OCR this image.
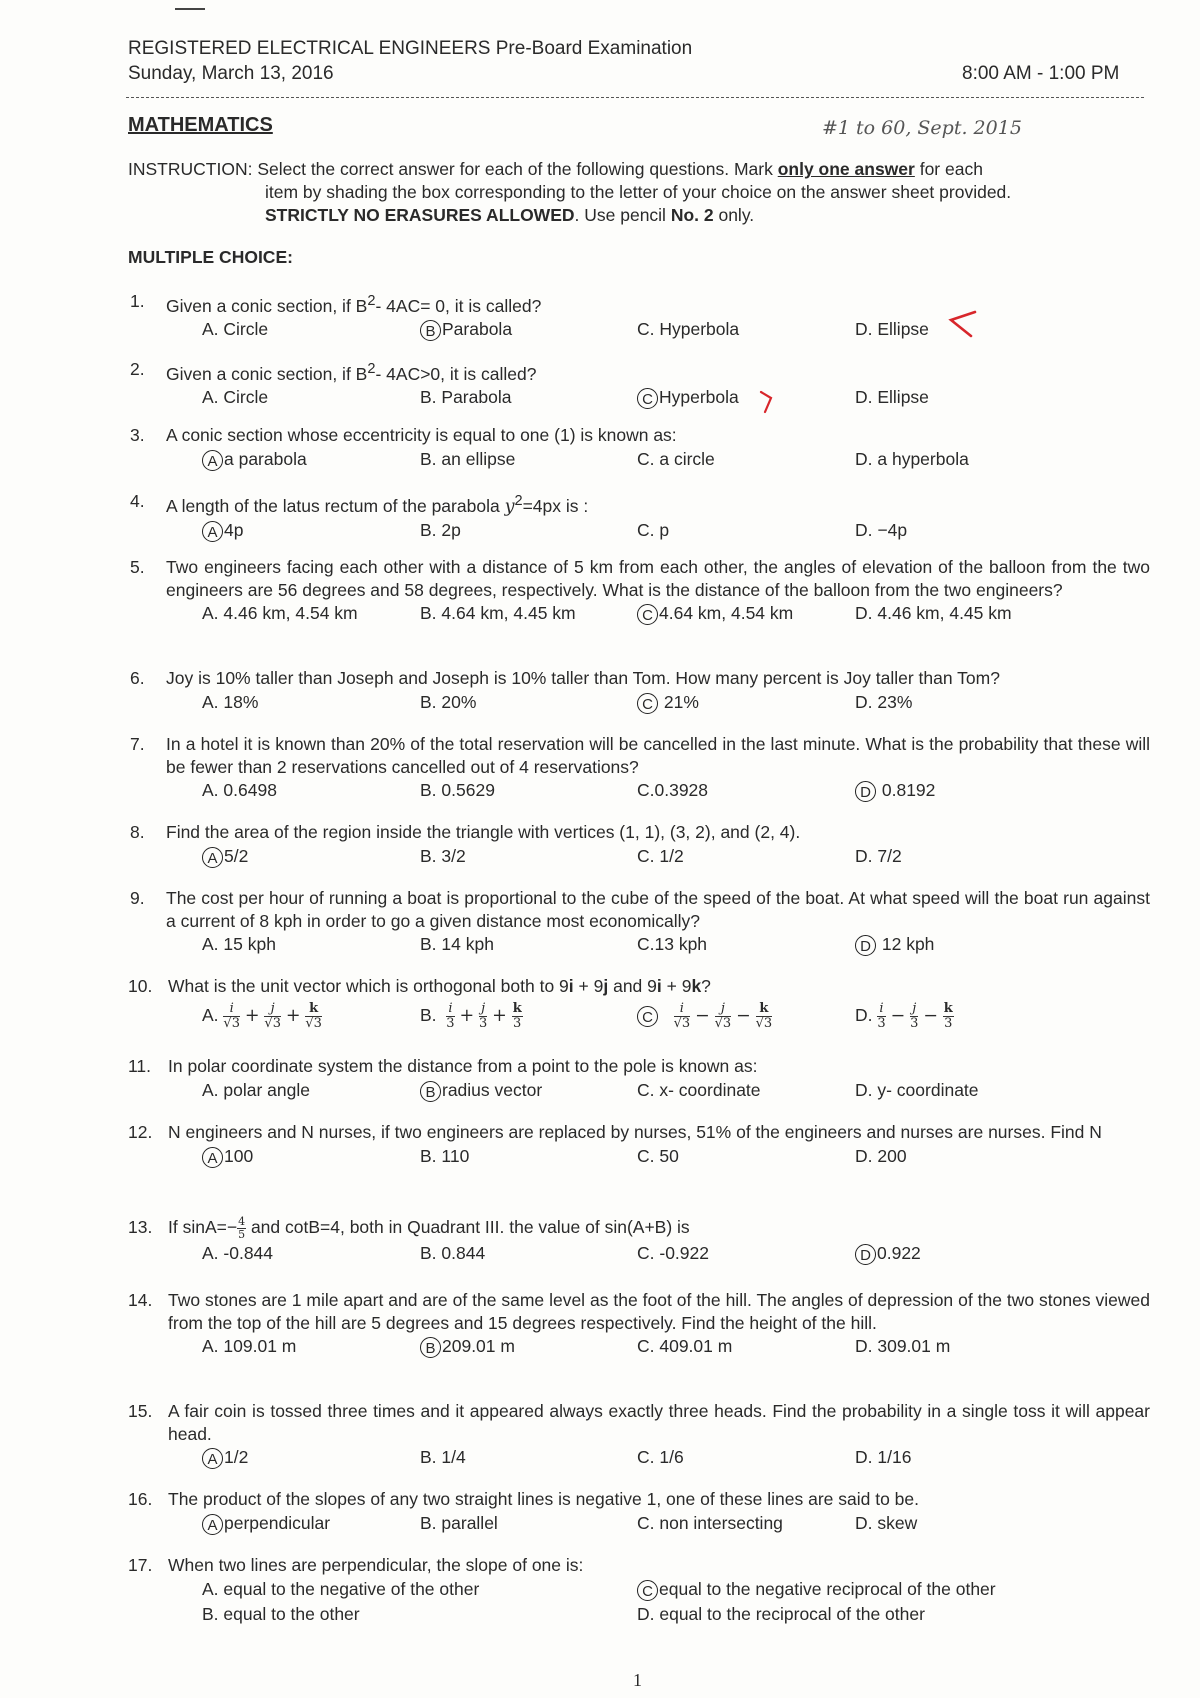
REGISTERED ELECTRICAL ENGINEERS Pre-Board Examination
Sunday, March 13, 2016	8:00 AM - 1:00 PM
MATHEMATICS	#1 to 60, Sept. 2015
INSTRUCTION: Select the correct answer for each of the following questions. Mark only one answer for each
item by shading the box corresponding to the letter of your choice on the answer sheet provided.
STRICTLY NO ERASURES ALLOWED. Use pencil No. 2 only.
MULTIPLE CHOICE:
1. Given a conic section, if $B^2-$ 4AC= 0, it is called?
A. Circle	B Parabola	C. Hyperbola	D. Ellipse
2. Given a conic section, if $B^2-$ 4AC>0, it is called?
A. Circle	B. Parabola	C Hyperbola	D. Ellipse
3. A conic section whose eccentricity is equal to one (1) is known as:
A a parabola	B. an ellipse	C. a circle	D. a hyperbola
4. A length of the latus rectum of the parabola $y^2=4px$ is :
A 4p	B. 2p	C. p	D. −4p
5. Two engineers facing each other with a distance of 5 km from each other, the angles of elevation of the balloon from the two engineers are 56 degrees and 58 degrees, respectively. What is the distance of the balloon from the two engineers?
A. 4.46 km, 4.54 km	B. 4.64 km, 4.45 km	C 4.64 km, 4.54 km	D. 4.46 km, 4.45 km
6. Joy is 10% taller than Joseph and Joseph is 10% taller than Tom. How many percent is Joy taller than Tom?
A. 18%	B. 20%	C 21%	D. 23%
7. In a hotel it is known than 20% of the total reservation will be cancelled in the last minute. What is the probability that these will be fewer than 2 reservations cancelled out of 4 reservations?
A. 0.6498	B. 0.5629	C.0.3928	D 0.8192
8. Find the area of the region inside the triangle with vertices (1, 1), (3, 2), and (2, 4).
A 5/2	B. 3/2	C. 1/2	D. 7/2
9. The cost per hour of running a boat is proportional to the cube of the speed of the boat. At what speed will the boat run against a current of 8 kph in order to go a given distance most economically?
A. 15 kph	B. 14 kph	C.13 kph	D 12 kph
10. What is the unit vector which is orthogonal both to 9i + 9j and 9i + 9k?
A. $\frac{i}{√3} + \frac{j}{√3} + \frac{k}{√3}$	B. $\frac{i}{3} + \frac{j}{3} + \frac{k}{3}$	C $\frac{i}{√3} - \frac{j}{√3} - \frac{k}{√3}$	D. $\frac{i}{3} - \frac{j}{3} - \frac{k}{3}$
11. In polar coordinate system the distance from a point to the pole is known as:
A. polar angle	B radius vector	C. x- coordinate	D. y- coordinate
12. N engineers and N nurses, if two engineers are replaced by nurses, 51% of the engineers and nurses are nurses. Find N
A 100	B. 110	C. 50	D. 200
13. If $\sin A=- \frac{4}{5}$ and cotB=4, both in Quadrant III. the value of sin(A+B) is
A. -0.844	B. 0.844	C. -0.922	D 0.922
14. Two stones are 1 mile apart and are of the same level as the foot of the hill. The angles of depression of the two stones viewed from the top of the hill are 5 degrees and 15 degrees respectively. Find the height of the hill.
A. 109.01 m	B 209.01 m	C. 409.01 m	D. 309.01 m
15. A fair coin is tossed three times and it appeared always exactly three heads. Find the probability in a single toss it will appear head.
A 1/2	B. 1/4	C. 1/6	D. 1/16
16. The product of the slopes of any two straight lines is negative 1, one of these lines are said to be.
A perpendicular	B. parallel	C. non intersecting	D. skew
17. When two lines are perpendicular, the slope of one is:
A. equal to the negative of the other	C equal to the negative reciprocal of the other
B. equal to the other	D. equal to the reciprocal of the other
1
